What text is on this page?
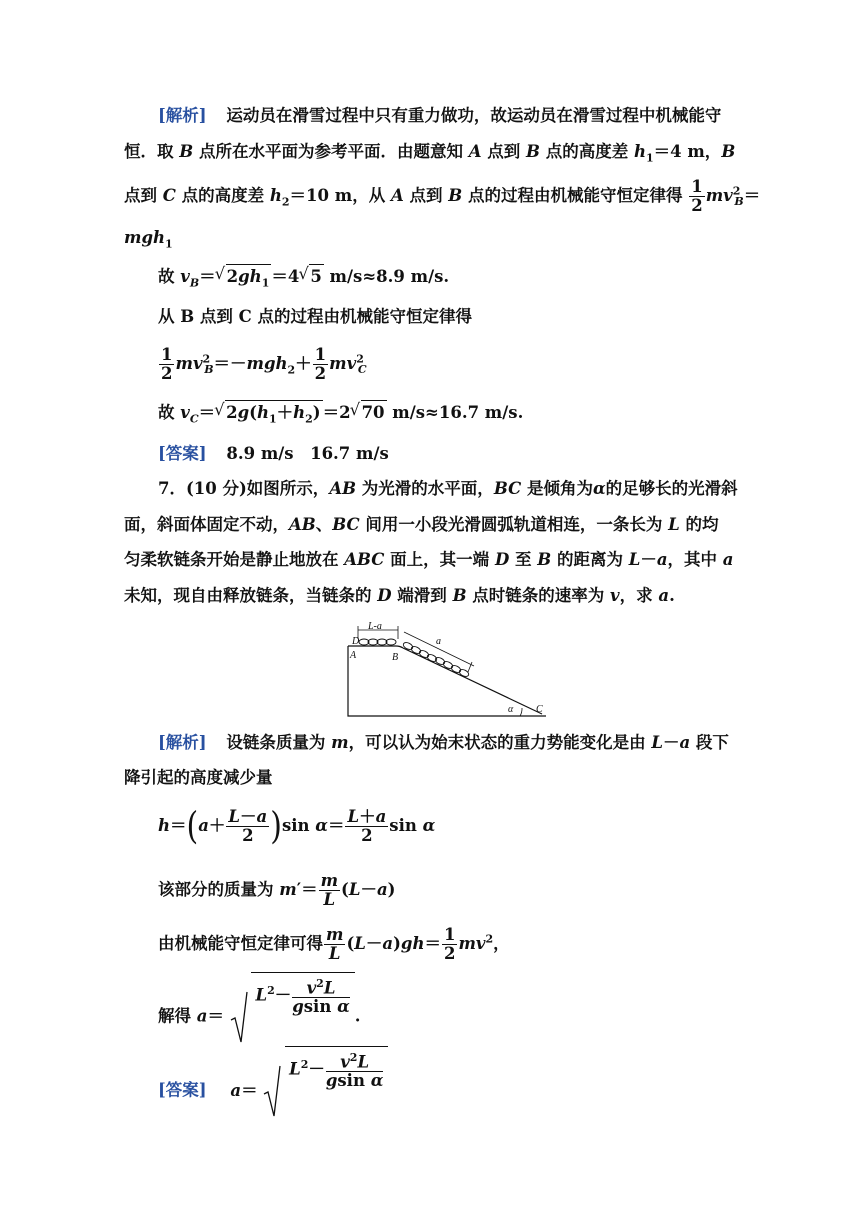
[解析] 运动员在滑雪过程中只有重力做功，故运动员在滑雪过程中机械能守
恒．取 B 点所在水平面为参考平面．由题意知 A 点到 B 点的高度差 $h_1=4$ m，B
点到 C 点的高度差 $h_2=10$ m，从 A 点到 B 点的过程由机械能守恒定律得 $\frac{1}{2} mv^2_B=$
mgh$_1$
故 $v_B=√$ $2gh_1 =4√$ 5 m/s≈8.9 m/s.
从 B 点到 C 点的过程由机械能守恒定律得
$\frac{1}{2} mv^2_B=-mgh_2+ \frac{1}{2} mv^2_C$
故 $v_C=√$ $2g(h_1+h_2) =2√$ 70 m/s≈16.7 m/s.
[答案] 8.9 m/s　16.7 m/s
7．(10 分)如图所示，AB 为光滑的水平面，BC 是倾角为α的足够长的光滑斜
面，斜面体固定不动，AB、BC 间用一小段光滑圆弧轨道相连，一条长为 L 的均
匀柔软链条开始是静止地放在 ABC 面上，其一端 D 至 B 的距离为 L－a，其中 a
未知，现自由释放链条，当链条的 D 端滑到 B 点时链条的速率为 v，求 a.
L-a
a
D
A	B
C
α
[解析] 设链条质量为 m，可以认为始末状态的重力势能变化是由 L－a 段下
降引起的高度减少量
$h=(a+ \frac{L-a}{2} )\sin$ $\alpha= \frac{L+a}{2}$ sin α
该部分的质量为 $m'= \frac{m}{L} (L-a)$
由机械能守恒定律可得 $\frac{m}{L} (L-a)gh= \frac{1}{2} mv^2$，
解得 $a= L^2- \frac{v^2L}{\text{gsin α}}$ .
[答案] $a= L^2- \frac{v^2L}{\text{gsin α}}$
